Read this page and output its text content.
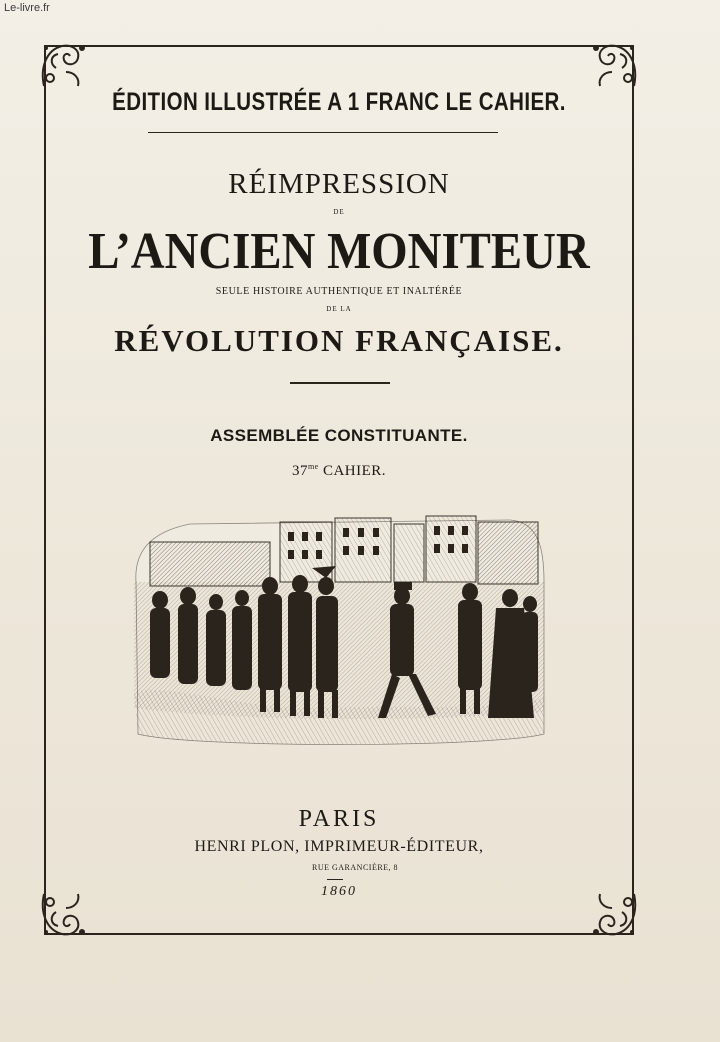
Le-livre.fr
ÉDITION ILLUSTRÉE A 1 FRANC LE CAHIER.
RÉIMPRESSION
DE
L’ANCIEN MONITEUR
SEULE HISTOIRE AUTHENTIQUE ET INALTÉRÉE
DE LA
RÉVOLUTION FRANÇAISE.
ASSEMBLÉE CONSTITUANTE.
$37^{me}$ CAHIER.
PARIS
HENRI PLON, IMPRIMEUR-ÉDITEUR,
RUE GARANCIÈRE, 8
1860
